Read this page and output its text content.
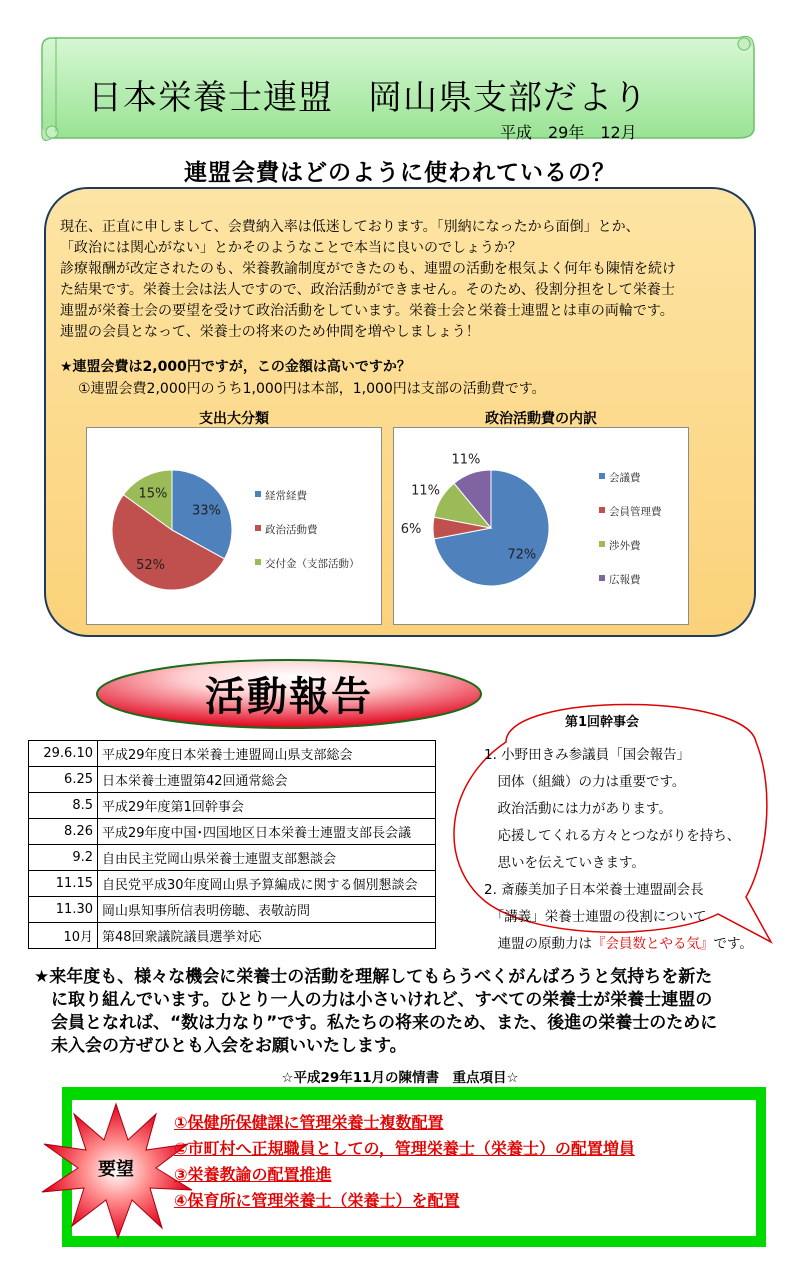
日本栄養士連盟　岡山県支部だより
平成　29年　12月
連盟会費はどのように使われているの？

現在、正直に申しまして、会費納入率は低迷しております。「別納になったから面倒」とか、

「政治には関心がない」とかそのようなことで本当に良いのでしょうか？

診療報酬が改定されたのも、栄養教諭制度ができたのも、連盟の活動を根気よく何年も陳情を続け

た結果です。栄養士会は法人ですので、政治活動ができません。そのため、役割分担をして栄養士

連盟が栄養士会の要望を受けて政治活動をしています。栄養士会と栄養士連盟とは車の両輪です。

連盟の会員となって、栄養士の将来のため仲間を増やしましょう！

★連盟会費は2,000円ですが，この金額は高いですか？
①連盟会費2,000円のうち1,000円は本部，1,000円は支部の活動費です。
支出大分類	政治活動費の内訳
33%
52%
15%	経常経費
政治活動費
交付金（支部活動）
72%
6%
11%
11%
会議費
会員管理費
渉外費
広報費
活動報告
29.6.10	平成29年度日本栄養士連盟岡山県支部総会
6.25	日本栄養士連盟第42回通常総会
8.5	平成29年度第1回幹事会
8.26	平成29年度中国･四国地区日本栄養士連盟支部長会議
9.2	自由民主党岡山県栄養士連盟支部懇談会
11.15	自民党平成30年度岡山県予算編成に関する個別懇談会
11.30	岡山県知事所信表明傍聴、表敬訪問
10月	第48回衆議院議員選挙対応
第1回幹事会

1. 小野田きみ参議員「国会報告」

　団体（組織）の力は重要です。

　政治活動には力があります。

　応援してくれる方々とつながりを持ち、

　思いを伝えていきます。

2. 斎藤美加子日本栄養士連盟副会長

　「講義」栄養士連盟の役割について

　連盟の原動力は『会員数とやる気』です。

★来年度も、様々な機会に栄養士の活動を理解してもらうべくがんばろうと気持ちを新た

　に取り組んでいます。ひとり一人の力は小さいけれど、すべての栄養士が栄養士連盟の

　会員となれば、“数は力なり”です。私たちの将来のため、また、後進の栄養士のために

　未入会の方ぜひとも入会をお願いいたします。

☆平成29年11月の陳情書　重点項目☆
要望

①保健所保健課に管理栄養士複数配置

②市町村へ正規職員としての，管理栄養士（栄養士）の配置増員

③栄養教諭の配置推進

④保育所に管理栄養士（栄養士）を配置
